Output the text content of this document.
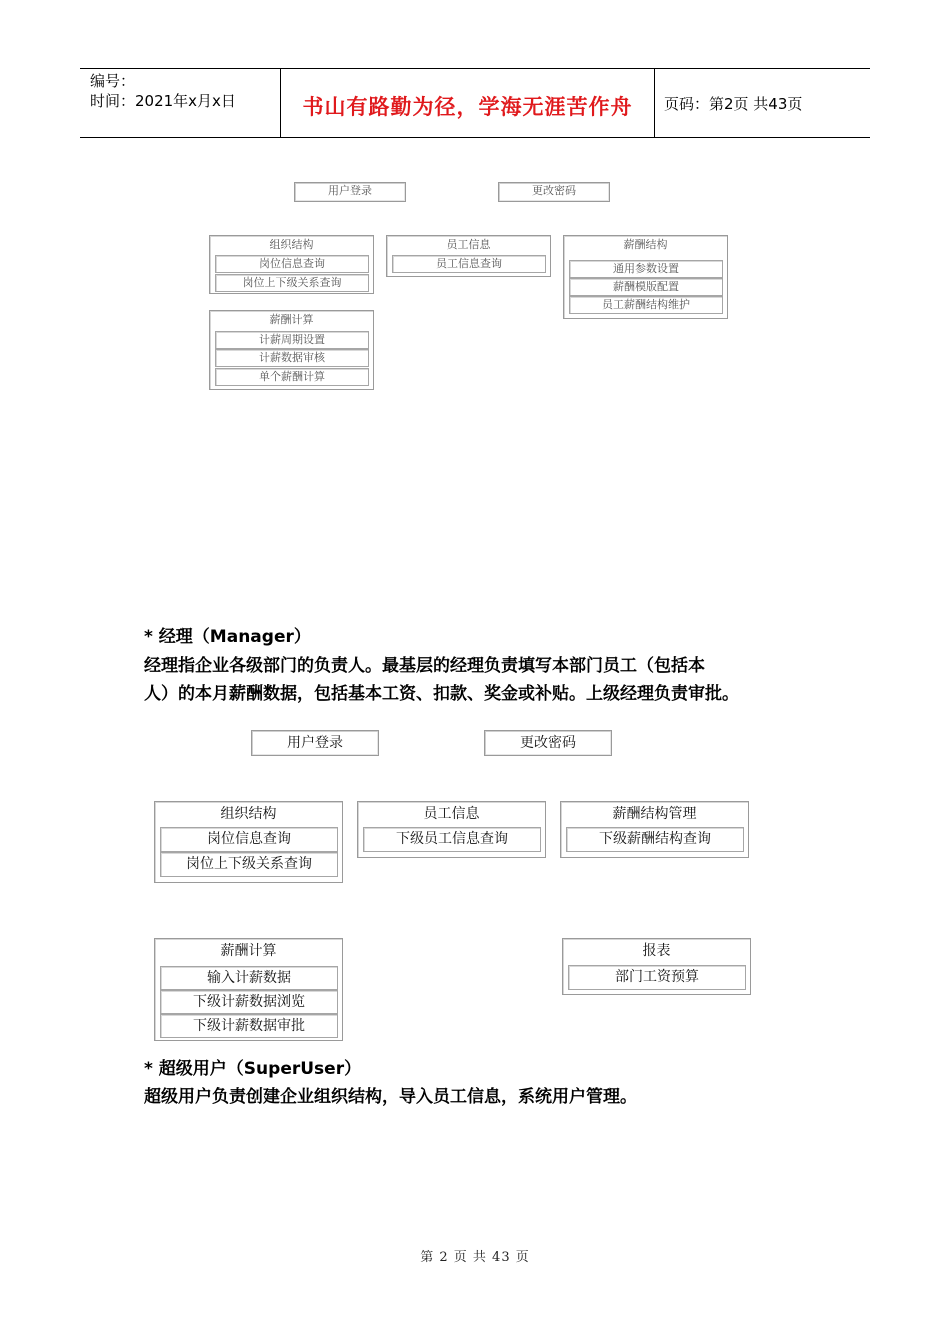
编号：
时间：2021年x月x日	书山有路勤为径，学海无涯苦作舟	页码：第2页 共43页
用户登录	更改密码
组织结构
岗位信息查询
岗位上下级关系查询
员工信息
员工信息查询
薪酬结构
通用参数设置
薪酬模版配置
员工薪酬结构维护
薪酬计算
计薪周期设置
计薪数据审核
单个薪酬计算
* 经理（Manager）
经理指企业各级部门的负责人。最基层的经理负责填写本部门员工（包括本
人）的本月薪酬数据，包括基本工资、扣款、奖金或补贴。上级经理负责审批。
用户登录	更改密码
组织结构
岗位信息查询
岗位上下级关系查询
员工信息
下级员工信息查询
薪酬结构管理
下级薪酬结构查询
薪酬计算
输入计薪数据
下级计薪数据浏览
下级计薪数据审批
报表
部门工资预算
* 超级用户（SuperUser）
超级用户负责创建企业组织结构，导入员工信息，系统用户管理。
第 2 页 共 43 页
